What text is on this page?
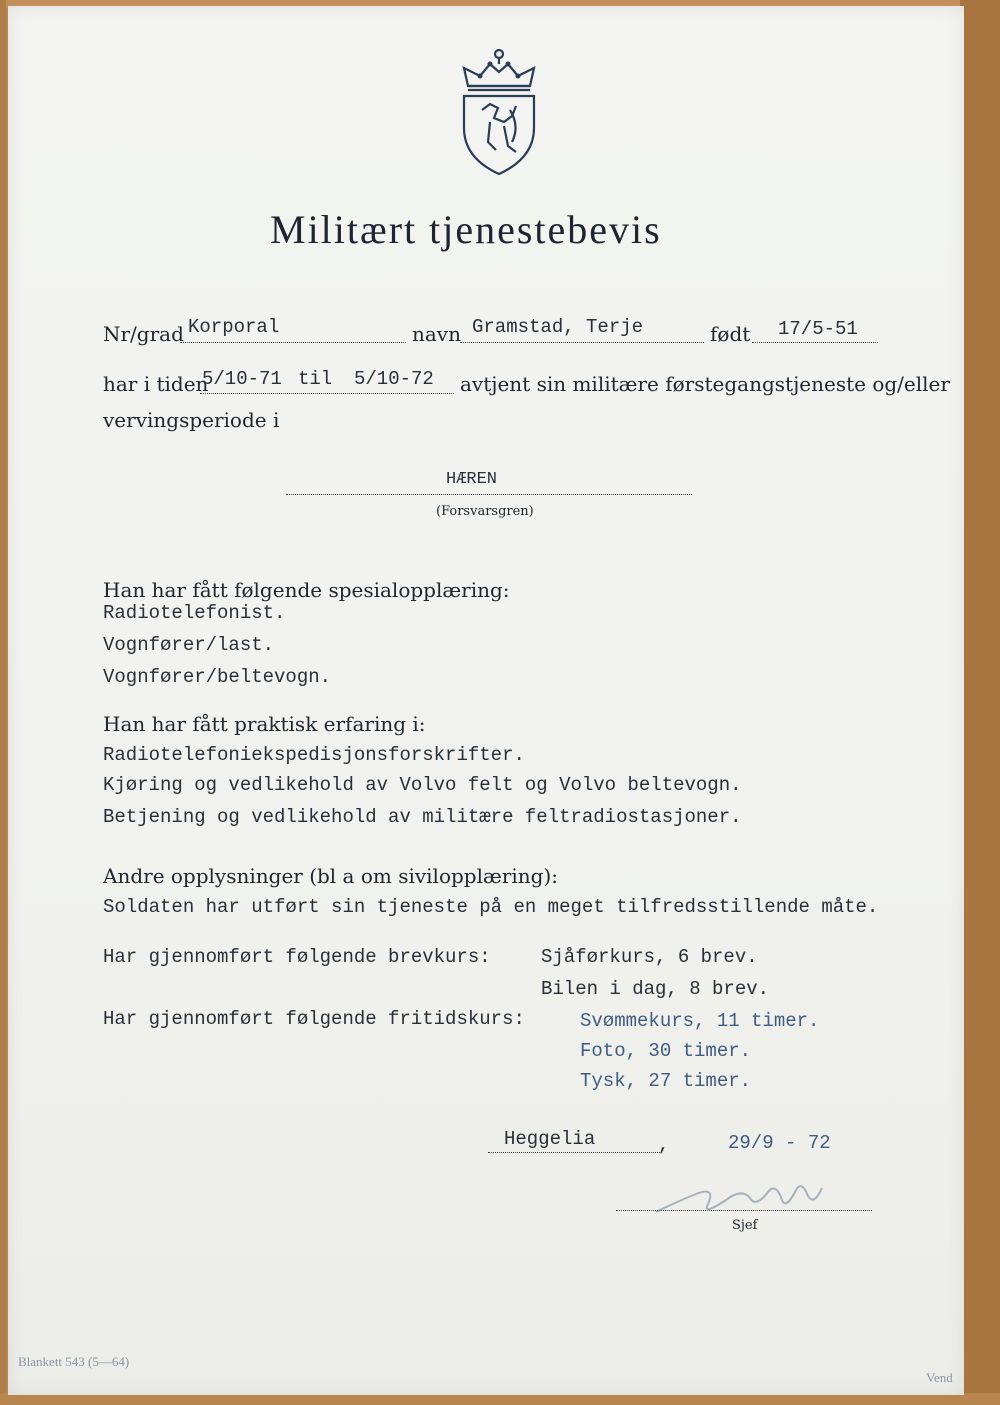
Militært tjenestebevis
Nr/grad Korporal	navn Gramstad, Terje	født 17/5-51
har i tiden
5/10-71 til 5/10-72 avtjent sin militære førstegangstjeneste og/eller
vervingsperiode i
HÆREN
(Forsvarsgren)
Han har fått følgende spesialopplæring:
Radiotelefonist.
Vognfører/last.
Vognfører/beltevogn.
Han har fått praktisk erfaring i:
Radiotelefoniekspedisjonsforskrifter.
Kjøring og vedlikehold av Volvo felt og Volvo beltevogn.
Betjening og vedlikehold av militære feltradiostasjoner.
Andre opplysninger (bl a om sivilopplæring):
Soldaten har utført sin tjeneste på en meget tilfredsstillende måte.
Har gjennomført følgende brevkurs:	Sjåførkurs, 6 brev.
Bilen i dag, 8 brev.
Har gjennomført følgende fritidskurs:	Svømmekurs, 11 timer.
Foto, 30 timer.
Tysk, 27 timer.
Heggelia	,	29/9 - 72
Sjef
Blankett 543 (5—64)
Vend
